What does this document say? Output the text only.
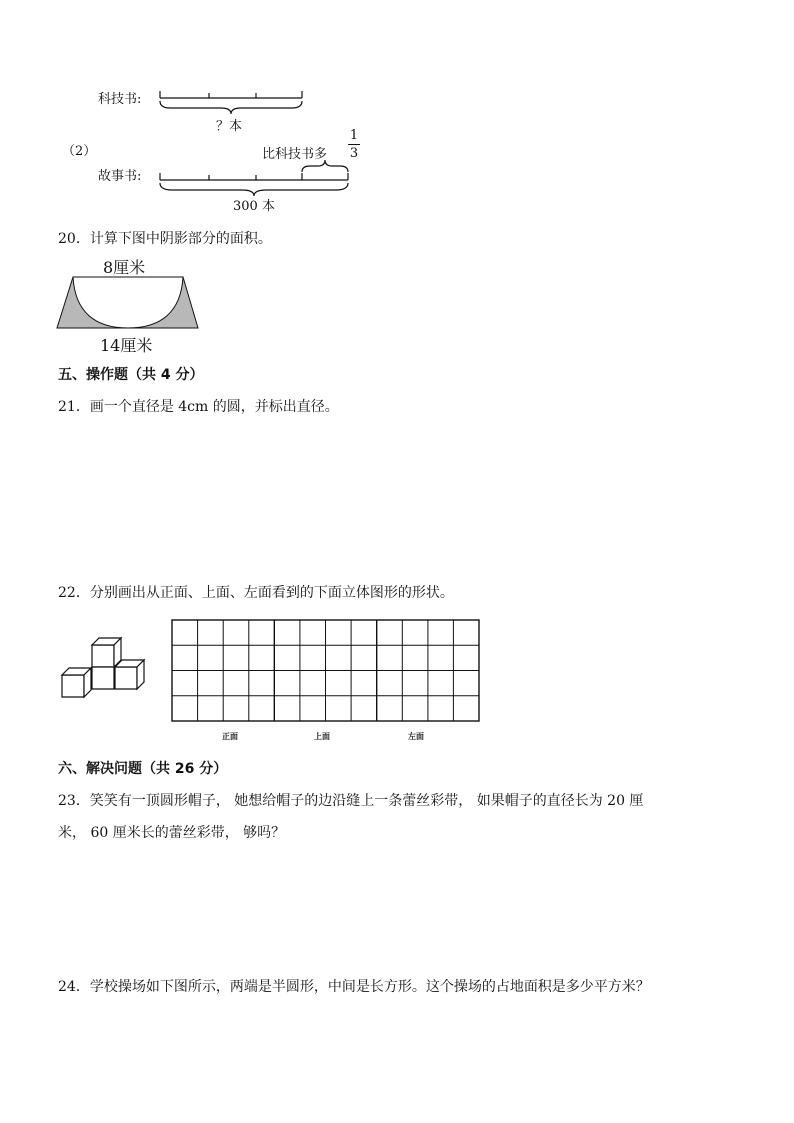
科技书:
？本
（2）
故事书:
比科技书多
1
3
300 本
20．计算下图中阴影部分的面积。
8厘米
14厘米
五、操作题（共 4 分）
21．画一个直径是 4cm 的圆，并标出直径。
22．分别画出从正面、上面、左面看到的下面立体图形的形状。
正面	上面	左面
六、解决问题（共 26 分）
23．笑笑有一顶圆形帽子， 她想给帽子的边沿缝上一条蕾丝彩带， 如果帽子的直径长为 20 厘
米， 60 厘米长的蕾丝彩带， 够吗？
24．学校操场如下图所示，两端是半圆形，中间是长方形。这个操场的占地面积是多少平方米？
